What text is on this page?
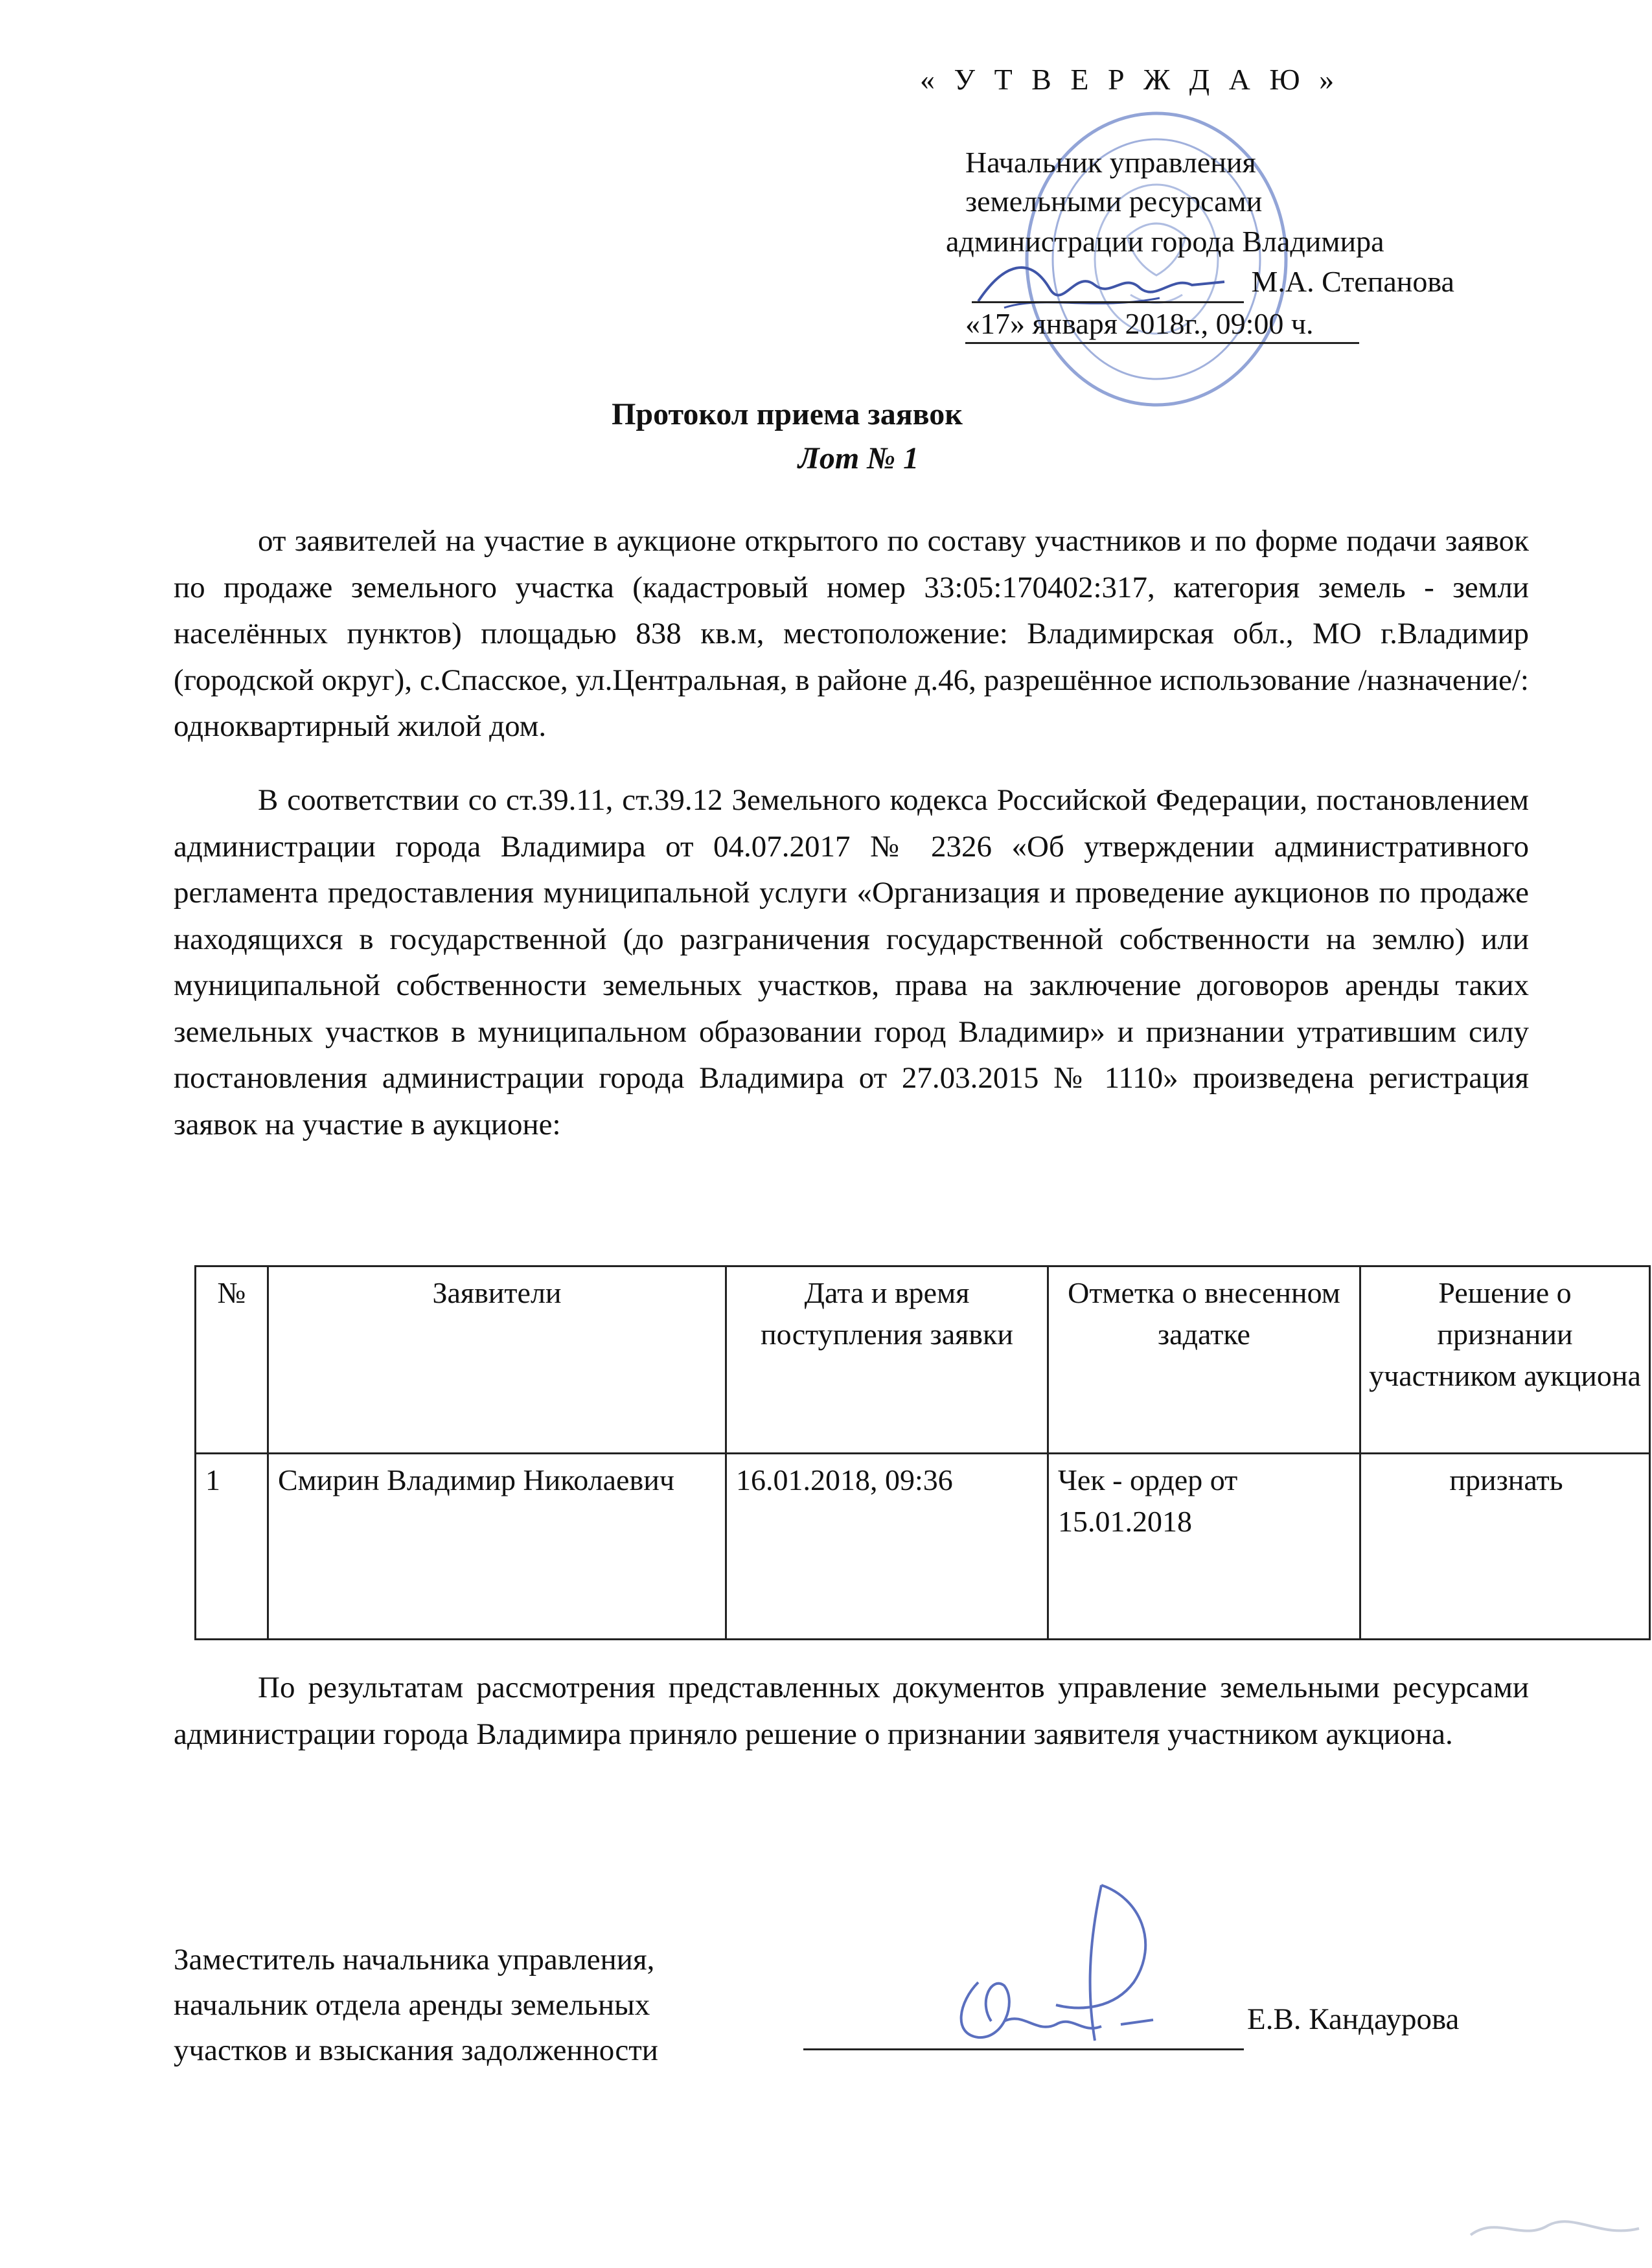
« У Т В Е Р Ж Д А Ю »
Начальник управления
земельными ресурсами
администрации города Владимира
М.А. Степанова
«17» января 2018г., 09:00 ч.
Протокол приема заявок
Лот № 1
от заявителей на участие в аукционе открытого по составу участников и по форме подачи заявок по продаже земельного участка (кадастровый номер 33:05:170402:317, категория земель - земли населённых пунктов) площадью 838 кв.м, местоположение: Владимирская обл., МО г.Владимир (городской округ), с.Спасское, ул.Центральная, в районе д.46, разрешённое использование /назначение/: одноквартирный жилой дом.
В соответствии со ст.39.11, ст.39.12 Земельного кодекса Российской Федерации, постановлением администрации города Владимира от 04.07.2017 № 2326 «Об утверждении административного регламента предоставления муниципальной услуги «Организация и проведение аукционов по продаже находящихся в государственной (до разграничения государственной собственности на землю) или муниципальной собственности земельных участков, права на заключение договоров аренды таких земельных участков в муниципальном образовании город Владимир» и признании утратившим силу постановления администрации города Владимира от 27.03.2015 № 1110» произведена регистрация заявок на участие в аукционе:
№	Заявители	Дата и время поступления заявки	Отметка о внесенном задатке	Решение о признании участником аукциона
1	Смирин Владимир Николаевич	16.01.2018, 09:36	Чек - ордер от 15.01.2018	признать
По результатам рассмотрения представленных документов управление земельными ресурсами администрации города Владимира приняло решение о признании заявителя участником аукциона.
Заместитель начальника управления,
начальник отдела аренды земельных
участков и взыскания задолженности
Е.В. Кандаурова
